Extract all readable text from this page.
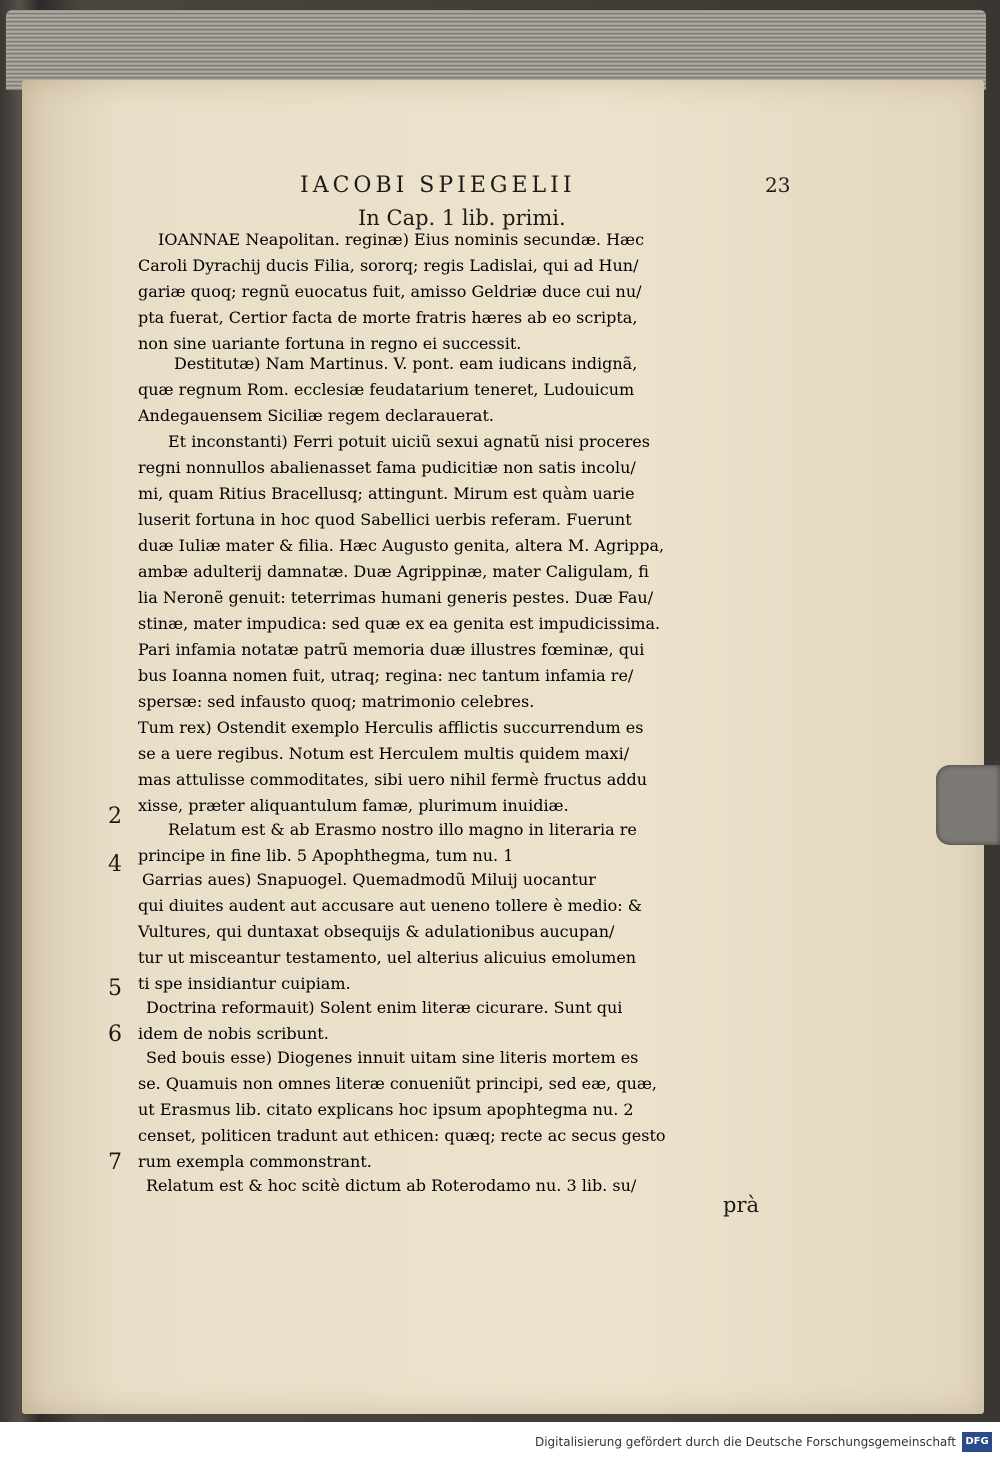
IACOBI SPIEGELII	23
In Cap. 1 lib. primi.
IOANNAE Neapolitan. reginæ) Eius nominis secundæ. Hæc
Caroli Dyrachij ducis Filia, sororq; regis Ladislai, qui ad Hun/
gariæ quoq; regnũ euocatus fuit, amisso Geldriæ duce cui nu/
pta fuerat, Certior facta de morte fratris hæres ab eo scripta,
non sine uariante fortuna in regno ei successit.
Destitutæ) Nam Martinus. V. pont. eam iudicans indignã,
quæ regnum Rom. ecclesiæ feudatarium teneret, Ludouicum
Andegauensem Siciliæ regem declarauerat.
Et inconstanti) Ferri potuit uiciũ sexui agnatũ nisi proceres
regni nonnullos abalienasset fama pudicitiæ non satis incolu/
mi, quam Ritius Bracellusq; attingunt. Mirum est quàm uarie
luserit fortuna in hoc quod Sabellici uerbis referam. Fuerunt
duæ Iuliæ mater & filia. Hæc Augusto genita, altera M. Agrippa,
ambæ adulterij damnatæ. Duæ Agrippinæ, mater Caligulam, fi
lia Neronẽ genuit: teterrimas humani generis pestes. Duæ Fau/
stinæ, mater impudica: sed quæ ex ea genita est impudicissima.
Pari infamia notatæ patrũ memoria duæ illustres fœminæ, qui
bus Ioanna nomen fuit, utraq; regina: nec tantum infamia re/
spersæ: sed infausto quoq; matrimonio celebres.
Tum rex) Ostendit exemplo Herculis afflictis succurrendum es
se a uere regibus. Notum est Herculem multis quidem maxi/
mas attulisse commoditates, sibi uero nihil fermè fructus addu
xisse, præter aliquantulum famæ, plurimum inuidiæ.
2
Relatum est & ab Erasmo nostro illo magno in literaria re
principe in fine lib. 5 Apophthegma, tum nu. 1
4
Garrias aues) Snapuogel. Quemadmodũ Miluij uocantur
qui diuites audent aut accusare aut ueneno tollere è medio: &
Vultures, qui duntaxat obsequijs & adulationibus aucupan/
tur ut misceantur testamento, uel alterius alicuius emolumen
ti spe insidiantur cuipiam.
5
Doctrina reformauit) Solent enim literæ cicurare. Sunt qui
idem de nobis scribunt.
6
Sed bouis esse) Diogenes innuit uitam sine literis mortem es
se. Quamuis non omnes literæ conueniũt principi, sed eæ, quæ,
ut Erasmus lib. citato explicans hoc ipsum apophtegma nu. 2
censet, politicen tradunt aut ethicen: quæq; recte ac secus gesto
rum exempla commonstrant.
7
Relatum est & hoc scitè dictum ab Roterodamo nu. 3 lib. su/
prà
Digitalisierung gefördert durch die Deutsche Forschungsgemeinschaft DFG
